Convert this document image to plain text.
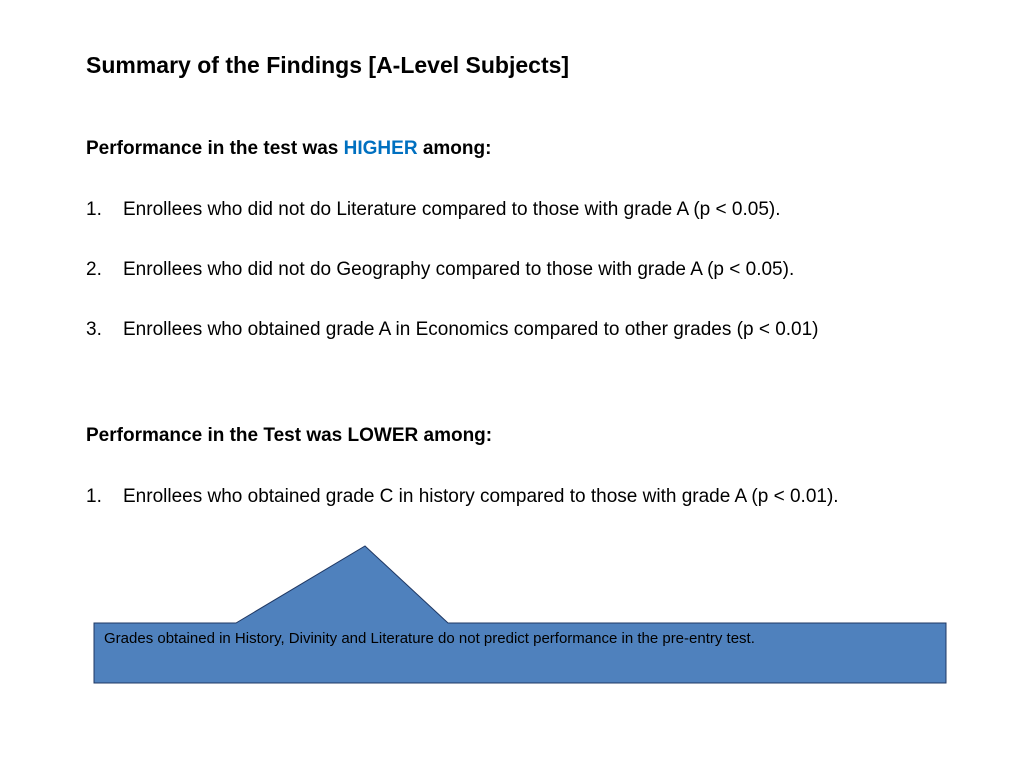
Summary of the Findings [A-Level Subjects]
Performance in the test was HIGHER among:
1. Enrollees who did not do Literature compared to those with grade A (p < 0.05).
2. Enrollees who did not do Geography compared to those with grade A (p < 0.05).
3. Enrollees who obtained grade A in Economics compared to other grades (p < 0.01)
Performance in the Test was LOWER among:
1. Enrollees who obtained grade C in history compared to those with grade A (p < 0.01).
Grades obtained in History, Divinity and Literature do not predict performance in the pre-entry test.
